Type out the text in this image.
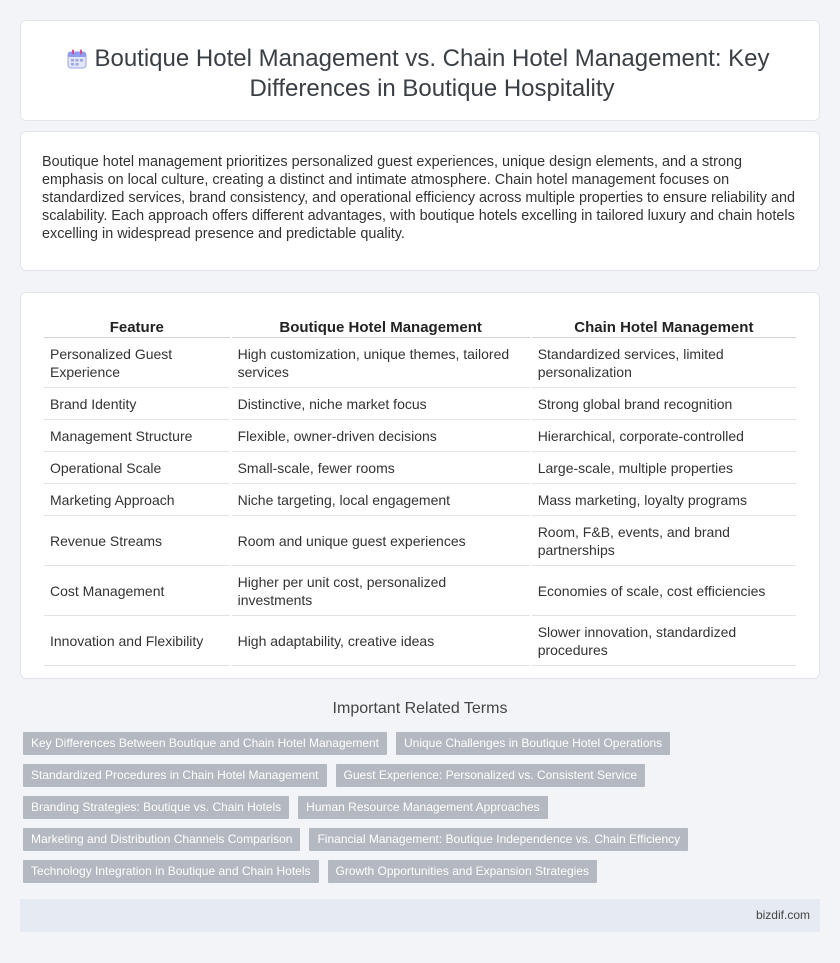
Boutique Hotel Management vs. Chain Hotel Management: Key Differences in Boutique Hospitality

Boutique hotel management prioritizes personalized guest experiences, unique design elements, and a strong emphasis on local culture, creating a distinct and intimate atmosphere. Chain hotel management focuses on standardized services, brand consistency, and operational efficiency across multiple properties to ensure reliability and scalability. Each approach offers different advantages, with boutique hotels excelling in tailored luxury and chain hotels excelling in widespread presence and predictable quality.

Feature	Boutique Hotel Management	Chain Hotel Management
Personalized Guest Experience	High customization, unique themes, tailored services	Standardized services, limited personalization
Brand Identity	Distinctive, niche market focus	Strong global brand recognition
Management Structure	Flexible, owner-driven decisions	Hierarchical, corporate-controlled
Operational Scale	Small-scale, fewer rooms	Large-scale, multiple properties
Marketing Approach	Niche targeting, local engagement	Mass marketing, loyalty programs
Revenue Streams	Room and unique guest experiences	Room, F&B, events, and brand partnerships
Cost Management	Higher per unit cost, personalized investments	Economies of scale, cost efficiencies
Innovation and Flexibility	High adaptability, creative ideas	Slower innovation, standardized procedures
Important Related Terms
Key Differences Between Boutique and Chain Hotel Management	Unique Challenges in Boutique Hotel Operations
Standardized Procedures in Chain Hotel Management	Guest Experience: Personalized vs. Consistent Service
Branding Strategies: Boutique vs. Chain Hotels	Human Resource Management Approaches
Marketing and Distribution Channels Comparison	Financial Management: Boutique Independence vs. Chain Efficiency
Technology Integration in Boutique and Chain Hotels	Growth Opportunities and Expansion Strategies
bizdif.com
